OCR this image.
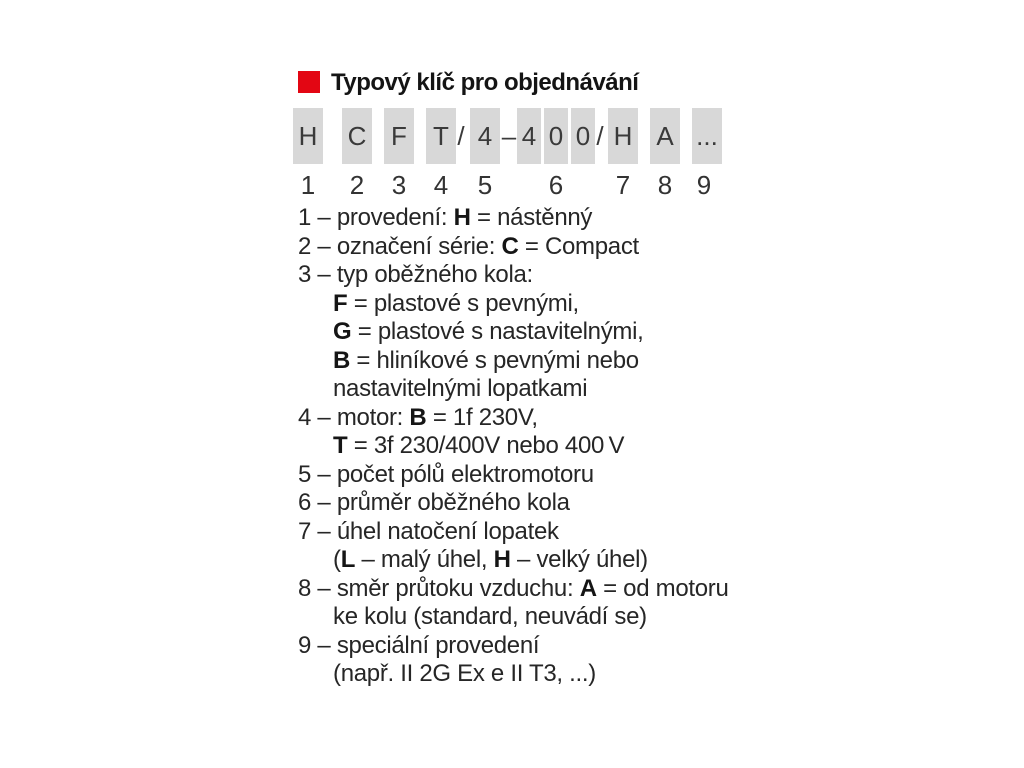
Typový klíč pro objednávání
H C F T / 4 – 4 0 0 / H A ...
1 2 3 4 5 6 7 8 9
1 – provedení: H = nástěnný
2 – označení série: C = Compact
3 – typ oběžného kola:
F = plastové s pevnými,
G = plastové s nastavitelnými,
B = hliníkové s pevnými nebo
nastavitelnými lopatkami
4 – motor: B = 1f 230V,
T = 3f 230/400V nebo 400 V
5 – počet pólů elektromotoru
6 – průměr oběžného kola
7 – úhel natočení lopatek
(L – malý úhel, H – velký úhel)
8 – směr průtoku vzduchu: A = od motoru
ke kolu (standard, neuvádí se)
9 – speciální provedení
(např. II 2G Ex e II T3, ...)
